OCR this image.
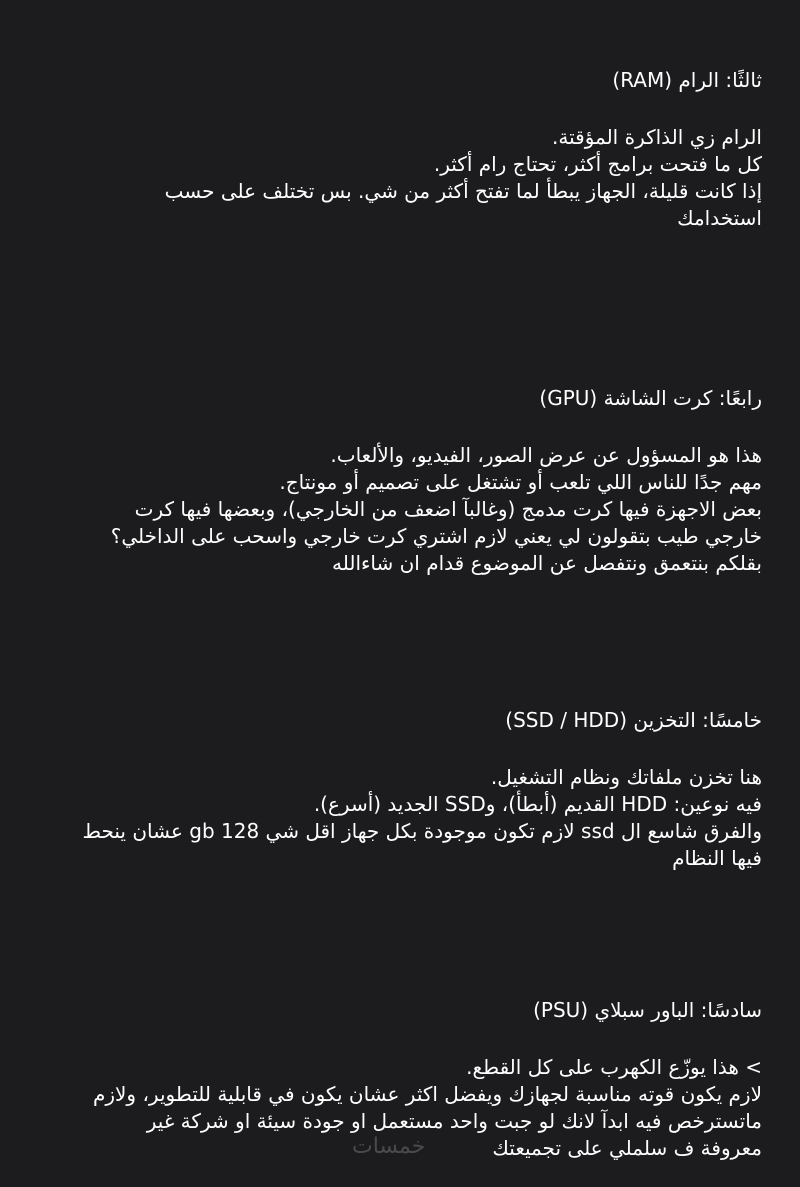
ثالثًا: الرام (RAM)
الرام زي الذاكرة المؤقتة.
كل ما فتحت برامج أكثر، تحتاج رام أكثر.
إذا كانت قليلة، الجهاز يبطأ لما تفتح أكثر من شي. بس تختلف على حسب
استخدامك
رابعًا: كرت الشاشة (GPU)
هذا هو المسؤول عن عرض الصور، الفيديو، والألعاب.
مهم جدًا للناس اللي تلعب أو تشتغل على تصميم أو مونتاج.
بعض الاجهزة فيها كرت مدمج (وغالبآ اضعف من الخارجي)، وبعضها فيها كرت
خارجي طيب بتقولون لي يعني لازم اشتري كرت خارجي واسحب على الداخلي؟
بقلكم بنتعمق ونتفصل عن الموضوع قدام ان شاءالله
خامسًا: التخزين (SSD / HDD)
هنا تخزن ملفاتك ونظام التشغيل.
فيه نوعين: HDD القديم (أبطأ)، وSSD الجديد (أسرع).
والفرق شاسع ال ssd لازم تكون موجودة بكل جهاز اقل شي 128 gb عشان ينحط
فيها النظام
سادسًا: الباور سبلاي (PSU)
> هذا يوزّع الكهرب على كل القطع.
لازم يكون قوته مناسبة لجهازك ويفضل اكثر عشان يكون في قابلية للتطوير، ولازم
ماتسترخص فيه ابدآ لانك لو جبت واحد مستعمل او جودة سيئة او شركة غير
معروفة ف سلملي على تجميعتك
خمسات
